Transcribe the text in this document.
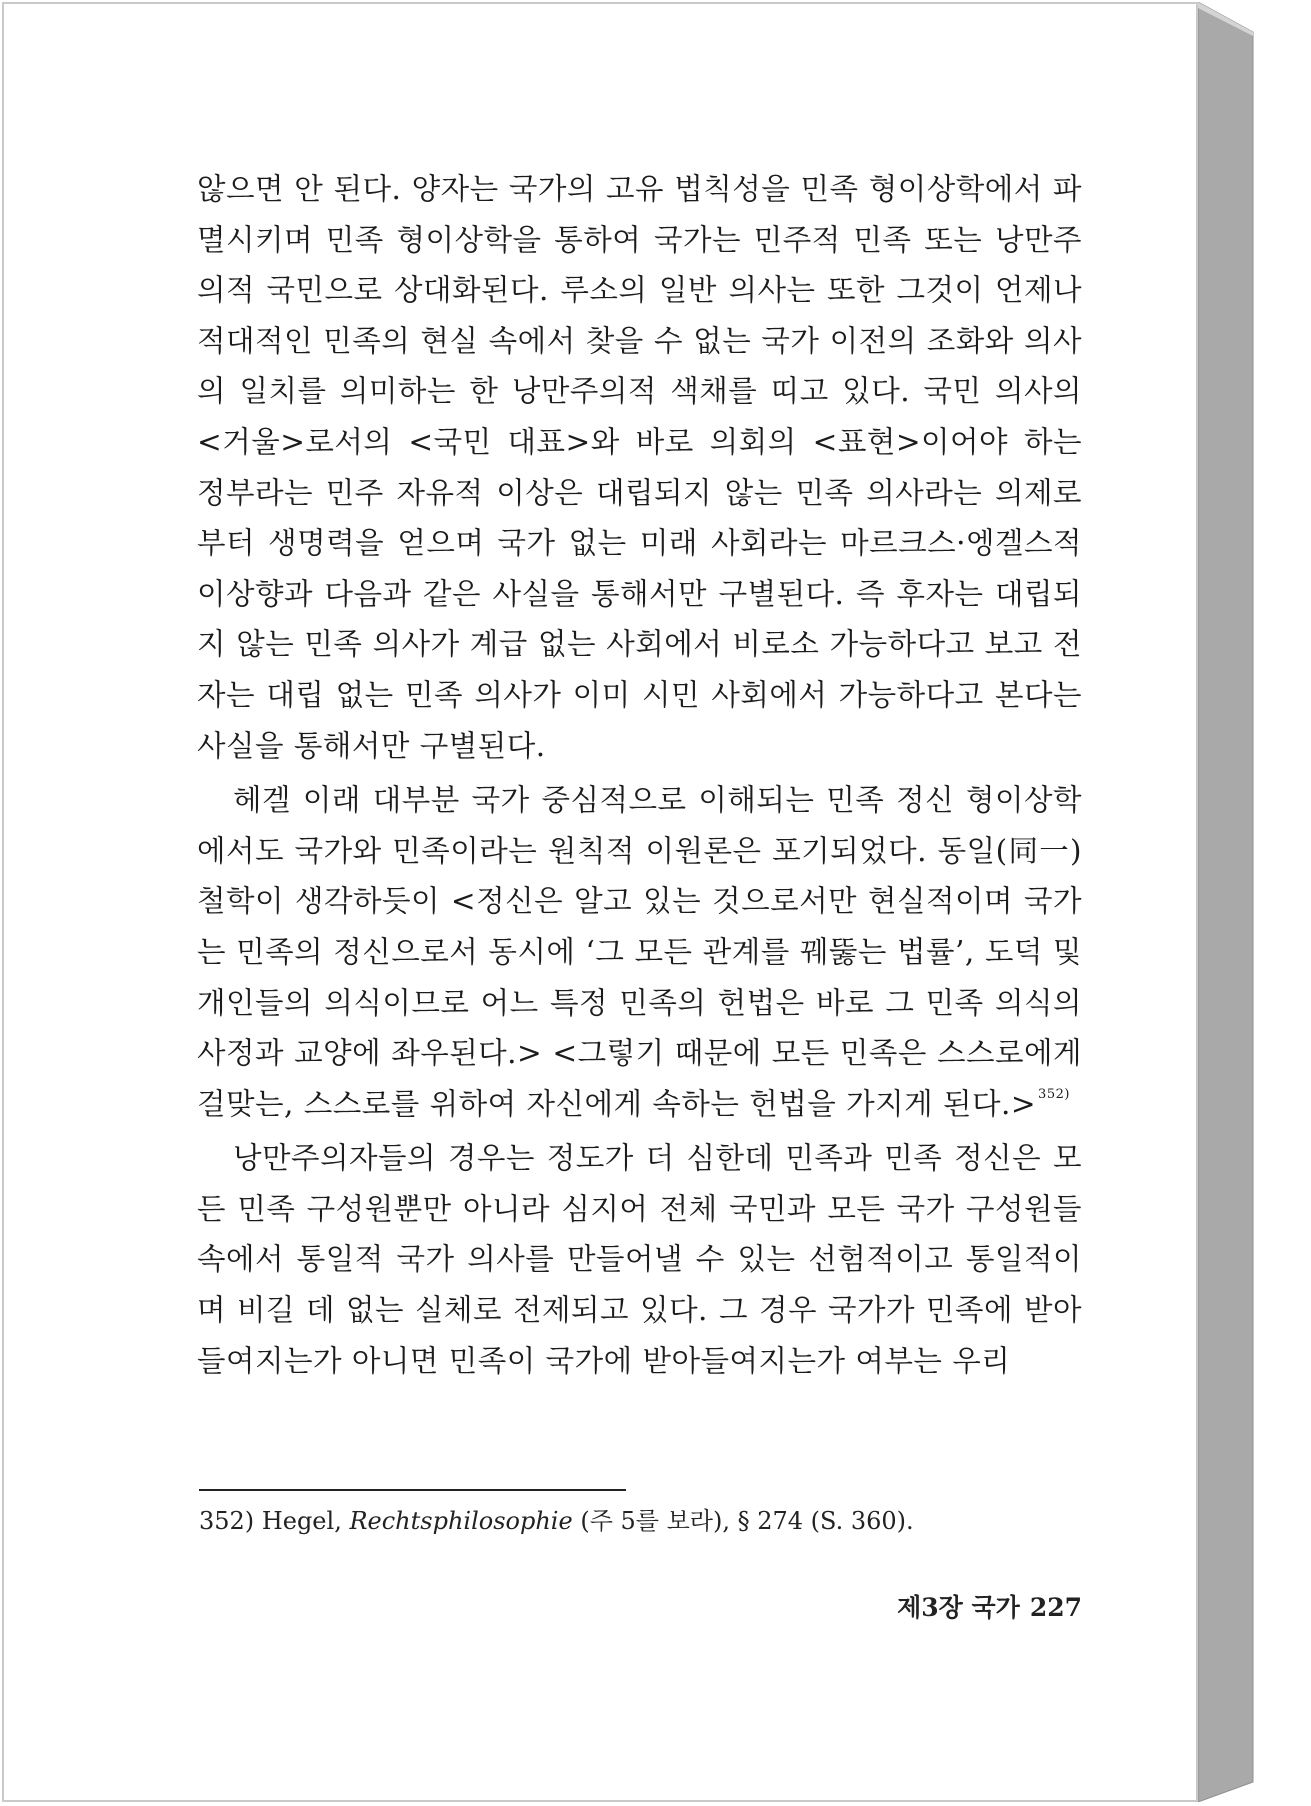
않으면 안 된다. 양자는 국가의 고유 법칙성을 민족 형이상학에서 파멸시키며 민족 형이상학을 통하여 국가는 민주적 민족 또는 낭만주의적 국민으로 상대화된다. 루소의 일반 의사는 또한 그것이 언제나 적대적인 민족의 현실 속에서 찾을 수 없는 국가 이전의 조화와 의사의 일치를 의미하는 한 낭만주의적 색채를 띠고 있다. 국민 의사의 <거울>로서의 <국민 대표>와 바로 의회의 <표현>이어야 하는 정부라는 민주 자유적 이상은 대립되지 않는 민족 의사라는 의제로부터 생명력을 얻으며 국가 없는 미래 사회라는 마르크스·엥겔스적 이상향과 다음과 같은 사실을 통해서만 구별된다. 즉 후자는 대립되지 않는 민족 의사가 계급 없는 사회에서 비로소 가능하다고 보고 전자는 대립 없는 민족 의사가 이미 시민 사회에서 가능하다고 본다는 사실을 통해서만 구별된다.

헤겔 이래 대부분 국가 중심적으로 이해되는 민족 정신 형이상학에서도 국가와 민족이라는 원칙적 이원론은 포기되었다. 동일(同一) 철학이 생각하듯이 <정신은 알고 있는 것으로서만 현실적이며 국가는 민족의 정신으로서 동시에 ‘그 모든 관계를 꿰뚫는 법률’, 도덕 및 개인들의 의식이므로 어느 특정 민족의 헌법은 바로 그 민족 의식의 사정과 교양에 좌우된다.> <그렇기 때문에 모든 민족은 스스로에게 걸맞는, 스스로를 위하여 자신에게 속하는 헌법을 가지게 된다.> $^{352)}$

낭만주의자들의 경우는 정도가 더 심한데 민족과 민족 정신은 모든 민족 구성원뿐만 아니라 심지어 전체 국민과 모든 국가 구성원들 속에서 통일적 국가 의사를 만들어낼 수 있는 선험적이고 통일적이며 비길 데 없는 실체로 전제되고 있다. 그 경우 국가가 민족에 받아들여지는가 아니면 민족이 국가에 받아들여지는가 여부는 우리

352) Hegel, Rechtsphilosophie (주 5를 보라), § 274 (S. 360).
제3장 국가 227
